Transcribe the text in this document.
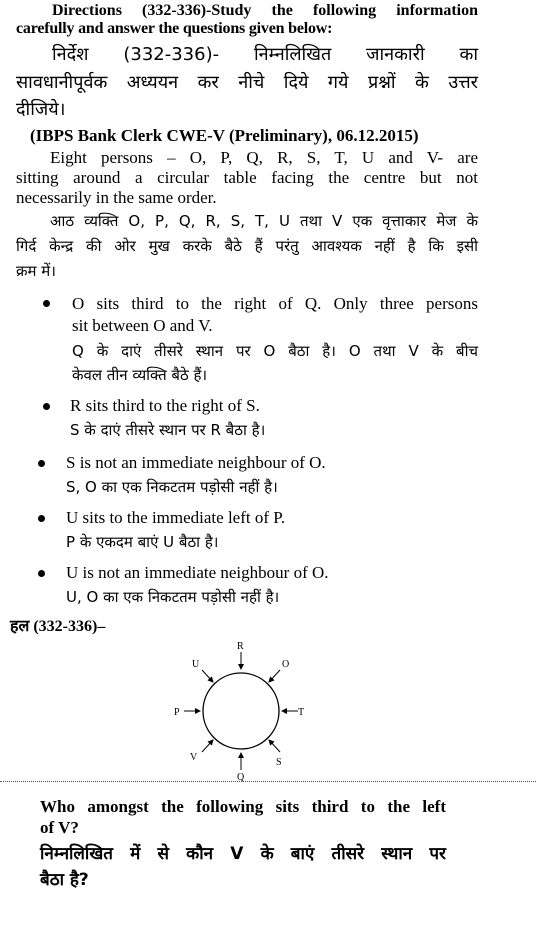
Directions (332-336)-Study the following information
carefully and answer the questions given below:
निर्देश (332-336)- निम्नलिखित जानकारी का
सावधानीपूर्वक अध्ययन कर नीचे दिये गये प्रश्नों के उत्तर
दीजिये।
(IBPS Bank Clerk CWE-V (Preliminary), 06.12.2015)
Eight persons – O, P, Q, R, S, T, U and V- are
sitting around a circular table facing the centre but not
necessarily in the same order.
आठ व्यक्ति O, P, Q, R, S, T, U तथा V एक वृत्ताकार मेज के
गिर्द केन्द्र की ओर मुख करके बैठे हैं परंतु आवश्यक नहीं है कि इसी
क्रम में।
O sits third to the right of Q. Only three persons
sit between O and V.
Q के दाएं तीसरे स्थान पर O बैठा है। O तथा V के बीच
केवल तीन व्यक्ति बैठे हैं।
R sits third to the right of S.
S के दाएं तीसरे स्थान पर R बैठा है।
S is not an immediate neighbour of O.
S, O का एक निकटतम पड़ोसी नहीं है।
U sits to the immediate left of P.
P के एकदम बाएं U बैठा है।
U is not an immediate neighbour of O.
U, O का एक निकटतम पड़ोसी नहीं है।
हल (332-336)–
R
O
T
S
Q
V
P
U
Who amongst the following sits third to the left
of V?
निम्नलिखित में से कौन V के बाएं तीसरे स्थान पर
बैठा है?
